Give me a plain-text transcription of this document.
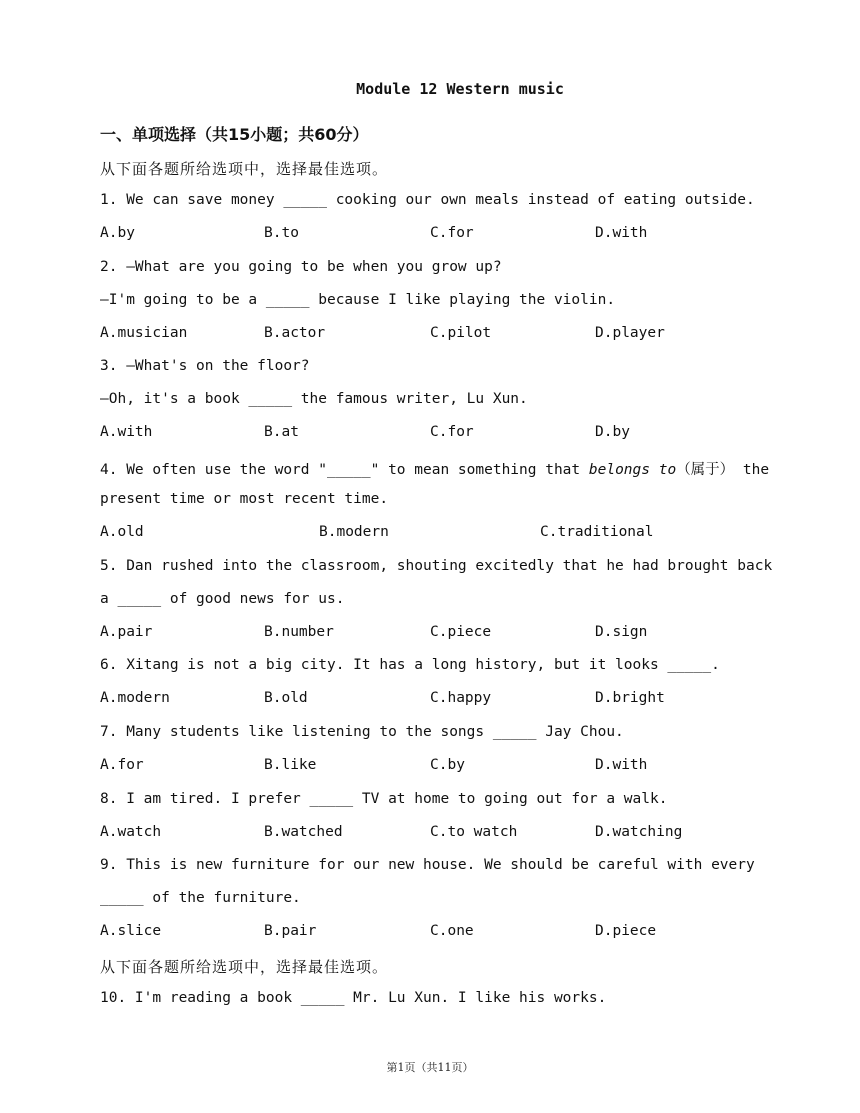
Module 12 Western music
一、单项选择（共15小题；共60分）
从下面各题所给选项中，选择最佳选项。
1. We can save money _____ cooking our own meals instead of eating outside.
A.by	B.to	C.for	D.with
2. —What are you going to be when you grow up?
—I'm going to be a _____ because I like playing the violin.
A.musician	B.actor	C.pilot	D.player
3. —What's on the floor?
—Oh, it's a book _____ the famous writer, Lu Xun.
A.with	B.at	C.for	D.by
4. We often use the word "_____" to mean something that belongs to（属于） the
present time or most recent time.
A.old	B.modern	C.traditional
5. Dan rushed into the classroom, shouting excitedly that he had brought back
a _____ of good news for us.
A.pair	B.number	C.piece	D.sign
6. Xitang is not a big city. It has a long history, but it looks _____.
A.modern	B.old	C.happy	D.bright
7. Many students like listening to the songs _____ Jay Chou.
A.for	B.like	C.by	D.with
8. I am tired. I prefer _____ TV at home to going out for a walk.
A.watch	B.watched	C.to watch	D.watching
9. This is new furniture for our new house. We should be careful with every
_____ of the furniture.
A.slice	B.pair	C.one	D.piece
从下面各题所给选项中，选择最佳选项。
10. I'm reading a book _____ Mr. Lu Xun. I like his works.
第1页（共11页）
